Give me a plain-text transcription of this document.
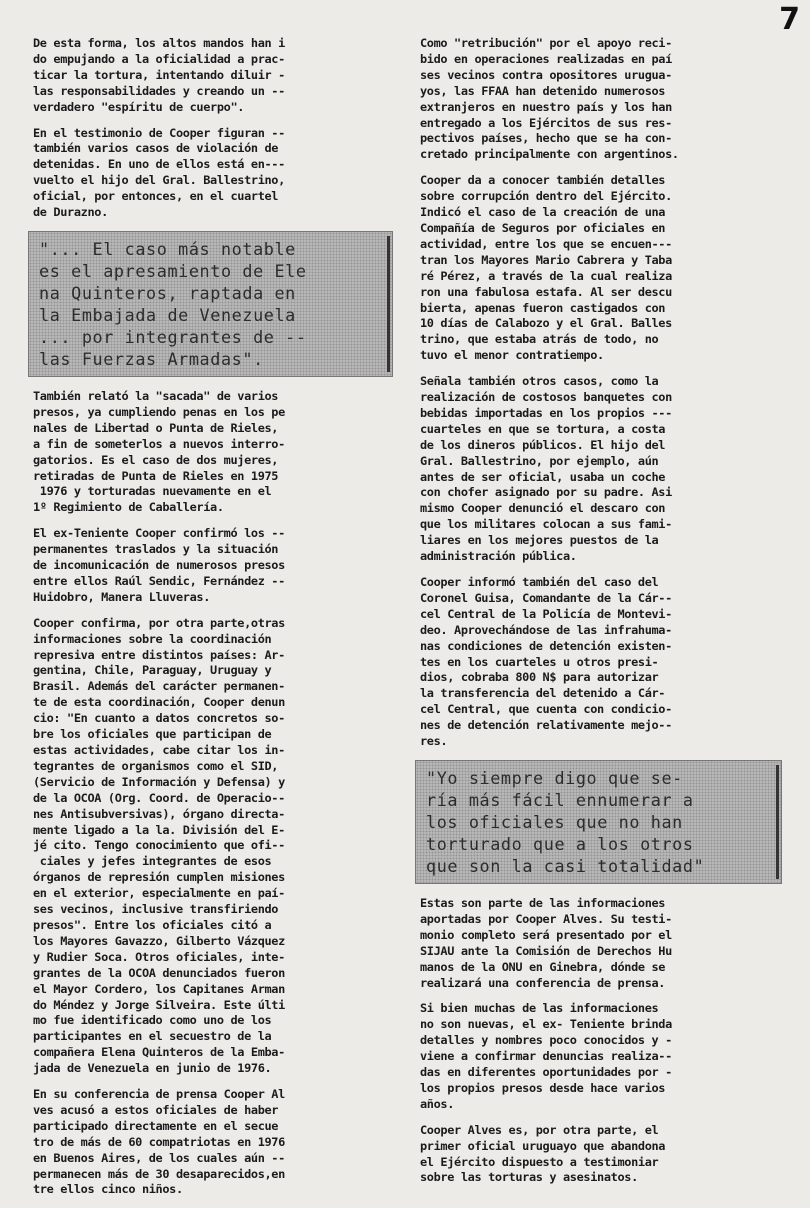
7

De esta forma, los altos mandos han i
do empujando a la oficialidad a prac-
ticar la tortura, intentando diluir -
las responsabilidades y creando un --
verdadero "espíritu de cuerpo".

En el testimonio de Cooper figuran --
también varios casos de violación de
detenidas. En uno de ellos está en---
vuelto el hijo del Gral. Ballestrino,
oficial, por entonces, en el cuartel
de Durazno.

"... El caso más notable
es el apresamiento de Ele
na Quinteros, raptada en
la Embajada de Venezuela
... por integrantes de --
las Fuerzas Armadas".

También relató la "sacada" de varios
presos, ya cumpliendo penas en los pe
nales de Libertad o Punta de Rieles,
a fin de someterlos a nuevos interro-
gatorios. Es el caso de dos mujeres,
retiradas de Punta de Rieles en 1975
1976 y torturadas nuevamente en el
1º Regimiento de Caballería.

El ex-Teniente Cooper confirmó los --
permanentes traslados y la situación
de incomunicación de numerosos presos
entre ellos Raúl Sendic, Fernández --
Huidobro, Manera Lluveras.

Cooper confirma, por otra parte,otras
informaciones sobre la coordinación
represiva entre distintos países: Ar-
gentina, Chile, Paraguay, Uruguay y
Brasil. Además del carácter permanen-
te de esta coordinación, Cooper denun
cio: "En cuanto a datos concretos so-
bre los oficiales que participan de
estas actividades, cabe citar los in-
tegrantes de organismos como el SID,
(Servicio de Información y Defensa) y
de la OCOA (Org. Coord. de Operacio--
nes Antisubversivas), órgano directa-
mente ligado a la la. División del E-
jé cito. Tengo conocimiento que ofi--
ciales y jefes integrantes de esos
órganos de represión cumplen misiones
en el exterior, especialmente en paí-
ses vecinos, inclusive transfiriendo
presos". Entre los oficiales citó a
los Mayores Gavazzo, Gilberto Vázquez
y Rudier Soca. Otros oficiales, inte-
grantes de la OCOA denunciados fueron
el Mayor Cordero, los Capitanes Arman
do Méndez y Jorge Silveira. Este últi
mo fue identificado como uno de los
participantes en el secuestro de la
compañera Elena Quinteros de la Emba-
jada de Venezuela en junio de 1976.

En su conferencia de prensa Cooper Al
ves acusó a estos oficiales de haber
participado directamente en el secue
tro de más de 60 compatriotas en 1976
en Buenos Aires, de los cuales aún --
permanecen más de 30 desaparecidos,en
tre ellos cinco niños.

Como "retribución" por el apoyo reci-
bido en operaciones realizadas en paí
ses vecinos contra opositores urugua-
yos, las FFAA han detenido numerosos
extranjeros en nuestro país y los han
entregado a los Ejércitos de sus res-
pectivos países, hecho que se ha con-
cretado principalmente con argentinos.

Cooper da a conocer también detalles
sobre corrupción dentro del Ejército.
Indicó el caso de la creación de una
Compañía de Seguros por oficiales en
actividad, entre los que se encuen---
tran los Mayores Mario Cabrera y Taba
ré Pérez, a través de la cual realiza
ron una fabulosa estafa. Al ser descu
bierta, apenas fueron castigados con
10 días de Calabozo y el Gral. Balles
trino, que estaba atrás de todo, no
tuvo el menor contratiempo.

Señala también otros casos, como la
realización de costosos banquetes con
bebidas importadas en los propios ---
cuarteles en que se tortura, a costa
de los dineros públicos. El hijo del
Gral. Ballestrino, por ejemplo, aún
antes de ser oficial, usaba un coche
con chofer asignado por su padre. Asi
mismo Cooper denunció el descaro con
que los militares colocan a sus fami-
liares en los mejores puestos de la
administración pública.

Cooper informó también del caso del
Coronel Guisa, Comandante de la Cár--
cel Central de la Policía de Montevi-
deo. Aprovechándose de las infrahuma-
nas condiciones de detención existen-
tes en los cuarteles u otros presi-
dios, cobraba 800 N$ para autorizar
la transferencia del detenido a Cár-
cel Central, que cuenta con condicio-
nes de detención relativamente mejo--
res.

"Yo siempre digo que se-
ría más fácil ennumerar a
los oficiales que no han
torturado que a los otros
que son la casi totalidad"

Estas son parte de las informaciones
aportadas por Cooper Alves. Su testi-
monio completo será presentado por el
SIJAU ante la Comisión de Derechos Hu
manos de la ONU en Ginebra, dónde se
realizará una conferencia de prensa.

Si bien muchas de las informaciones
no son nuevas, el ex- Teniente brinda
detalles y nombres poco conocidos y -
viene a confirmar denuncias realiza--
das en diferentes oportunidades por -
los propios presos desde hace varios
años.

Cooper Alves es, por otra parte, el
primer oficial uruguayo que abandona
el Ejército dispuesto a testimoniar
sobre las torturas y asesinatos.
